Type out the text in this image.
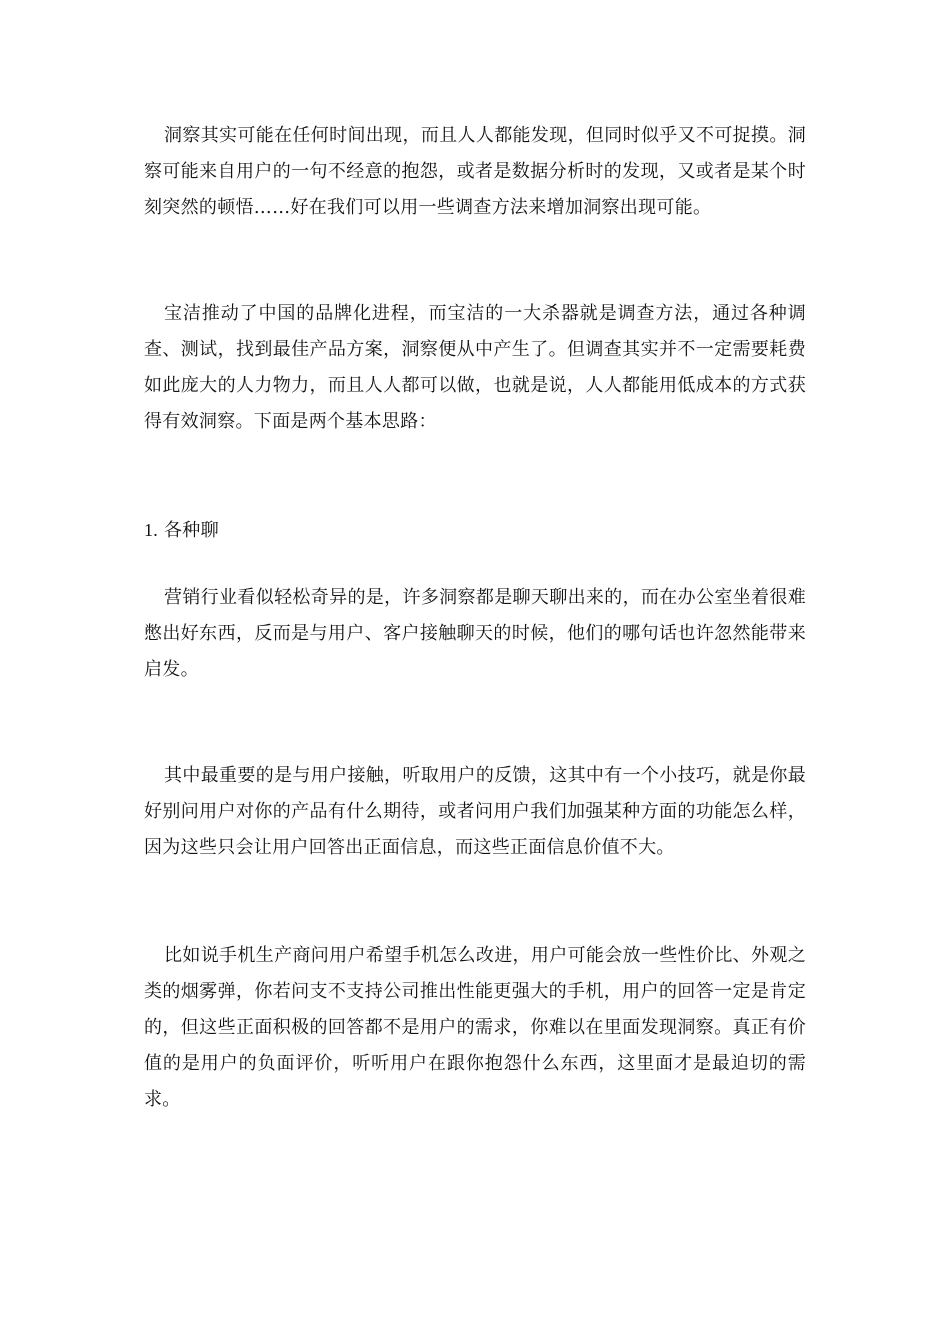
洞察其实可能在任何时间出现，而且人人都能发现，但同时似乎又不可捉摸。洞察可能来自用户的一句不经意的抱怨，或者是数据分析时的发现，又或者是某个时刻突然的顿悟……好在我们可以用一些调查方法来增加洞察出现可能。

宝洁推动了中国的品牌化进程，而宝洁的一大杀器就是调查方法，通过各种调查、测试，找到最佳产品方案，洞察便从中产生了。但调查其实并不一定需要耗费如此庞大的人力物力，而且人人都可以做，也就是说，人人都能用低成本的方式获得有效洞察。下面是两个基本思路：

1. 各种聊

营销行业看似轻松奇异的是，许多洞察都是聊天聊出来的，而在办公室坐着很难憋出好东西，反而是与用户、客户接触聊天的时候，他们的哪句话也许忽然能带来启发。

其中最重要的是与用户接触，听取用户的反馈，这其中有一个小技巧，就是你最好别问用户对你的产品有什么期待，或者问用户我们加强某种方面的功能怎么样，因为这些只会让用户回答出正面信息，而这些正面信息价值不大。

比如说手机生产商问用户希望手机怎么改进，用户可能会放一些性价比、外观之类的烟雾弹，你若问支不支持公司推出性能更强大的手机，用户的回答一定是肯定的，但这些正面积极的回答都不是用户的需求，你难以在里面发现洞察。真正有价值的是用户的负面评价，听听用户在跟你抱怨什么东西，这里面才是最迫切的需求。
